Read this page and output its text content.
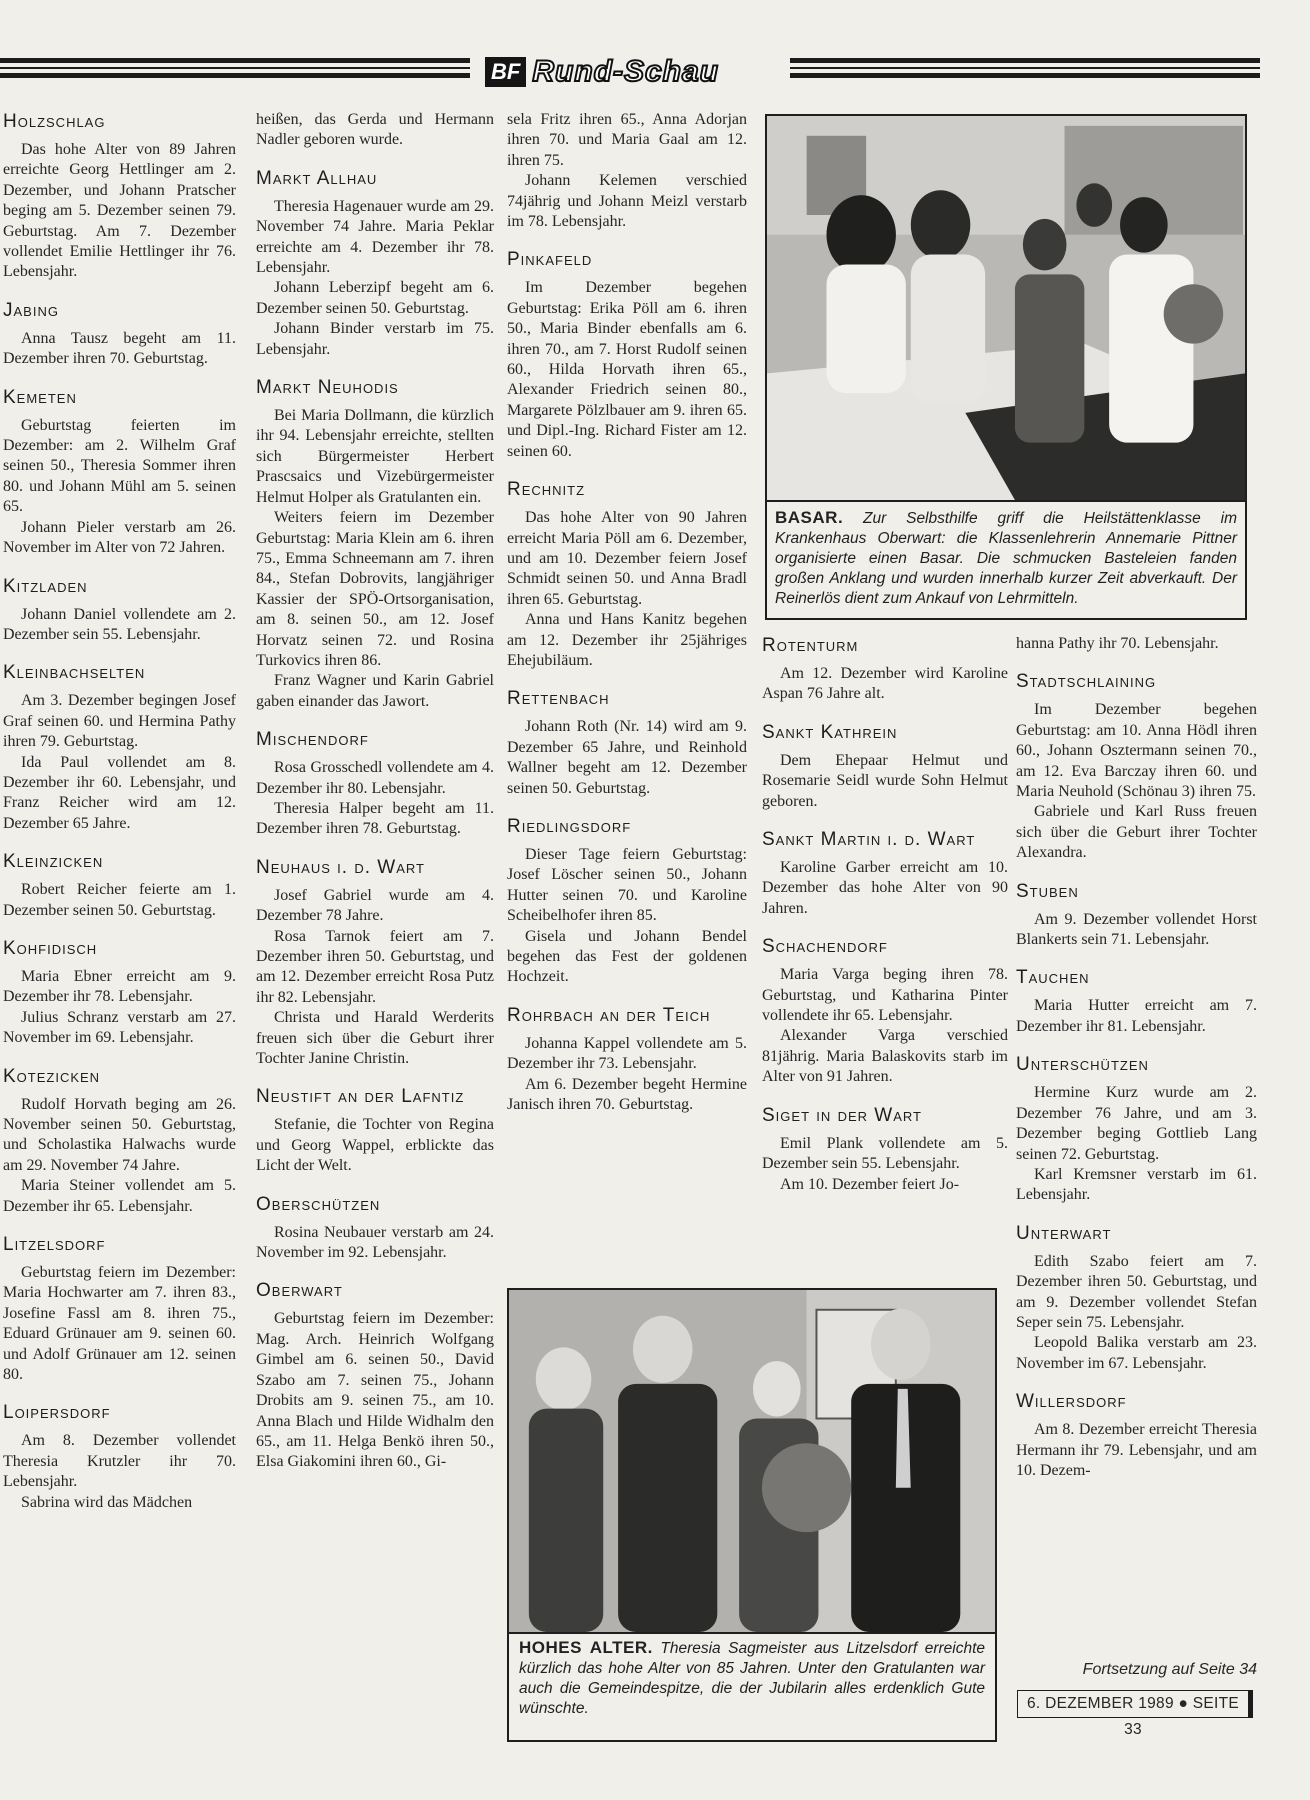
BF Rund-Schau
Holzschlag

Das hohe Alter von 89 Jahren erreichte Georg Hettlinger am 2. Dezember, und Johann Pratscher beging am 5. Dezember seinen 79. Geburtstag. Am 7. Dezember vollendet Emilie Hettlinger ihr 76. Lebensjahr.

Jabing

Anna Tausz begeht am 11. Dezember ihren 70. Geburtstag.

Kemeten

Geburtstag feierten im Dezember: am 2. Wilhelm Graf seinen 50., Theresia Sommer ihren 80. und Johann Mühl am 5. seinen 65.

Johann Pieler verstarb am 26. November im Alter von 72 Jahren.

Kitzladen

Johann Daniel vollendete am 2. Dezember sein 55. Lebensjahr.

Kleinbachselten

Am 3. Dezember begingen Josef Graf seinen 60. und Hermina Pathy ihren 79. Geburtstag.

Ida Paul vollendet am 8. Dezember ihr 60. Lebensjahr, und Franz Reicher wird am 12. Dezember 65 Jahre.

Kleinzicken

Robert Reicher feierte am 1. Dezember seinen 50. Geburtstag.

Kohfidisch

Maria Ebner erreicht am 9. Dezember ihr 78. Lebensjahr.

Julius Schranz verstarb am 27. November im 69. Lebensjahr.

Kotezicken

Rudolf Horvath beging am 26. November seinen 50. Geburtstag, und Scholastika Halwachs wurde am 29. November 74 Jahre.

Maria Steiner vollendet am 5. Dezember ihr 65. Lebensjahr.

Litzelsdorf

Geburtstag feiern im Dezember: Maria Hochwarter am 7. ihren 83., Josefine Fassl am 8. ihren 75., Eduard Grünauer am 9. seinen 60. und Adolf Grünauer am 12. seinen 80.

Loipersdorf

Am 8. Dezember vollendet Theresia Krutzler ihr 70. Lebensjahr.

Sabrina wird das Mädchen

heißen, das Gerda und Hermann Nadler geboren wurde.

Markt Allhau

Theresia Hagenauer wurde am 29. November 74 Jahre. Maria Peklar erreichte am 4. Dezember ihr 78. Lebensjahr.

Johann Leberzipf begeht am 6. Dezember seinen 50. Geburtstag.

Johann Binder verstarb im 75. Lebensjahr.

Markt Neuhodis

Bei Maria Dollmann, die kürzlich ihr 94. Lebensjahr erreichte, stellten sich Bürgermeister Herbert Prascsaics und Vizebürgermeister Helmut Holper als Gratulanten ein.

Weiters feiern im Dezember Geburtstag: Maria Klein am 6. ihren 75., Emma Schneemann am 7. ihren 84., Stefan Dobrovits, langjähriger Kassier der SPÖ-Ortsorganisation, am 8. seinen 50., am 12. Josef Horvatz seinen 72. und Rosina Turkovics ihren 86.

Franz Wagner und Karin Gabriel gaben einander das Jawort.

Mischendorf

Rosa Grosschedl vollendete am 4. Dezember ihr 80. Lebensjahr.

Theresia Halper begeht am 11. Dezember ihren 78. Geburtstag.

Neuhaus i. d. Wart

Josef Gabriel wurde am 4. Dezember 78 Jahre.

Rosa Tarnok feiert am 7. Dezember ihren 50. Geburtstag, und am 12. Dezember erreicht Rosa Putz ihr 82. Lebensjahr.

Christa und Harald Werderits freuen sich über die Geburt ihrer Tochter Janine Christin.

Neustift an der Lafntiz

Stefanie, die Tochter von Regina und Georg Wappel, erblickte das Licht der Welt.

Oberschützen

Rosina Neubauer verstarb am 24. November im 92. Lebensjahr.

Oberwart

Geburtstag feiern im Dezember: Mag. Arch. Heinrich Wolfgang Gimbel am 6. seinen 50., David Szabo am 7. seinen 75., Johann Drobits am 9. seinen 75., am 10. Anna Blach und Hilde Widhalm den 65., am 11. Helga Benkö ihren 50., Elsa Giakomini ihren 60., Gi-

sela Fritz ihren 65., Anna Adorjan ihren 70. und Maria Gaal am 12. ihren 75.

Johann Kelemen verschied 74jährig und Johann Meizl verstarb im 78. Lebensjahr.

Pinkafeld

Im Dezember begehen Geburtstag: Erika Pöll am 6. ihren 50., Maria Binder ebenfalls am 6. ihren 70., am 7. Horst Rudolf seinen 60., Hilda Horvath ihren 65., Alexander Friedrich seinen 80., Margarete Pölzlbauer am 9. ihren 65. und Dipl.-Ing. Richard Fister am 12. seinen 60.

Rechnitz

Das hohe Alter von 90 Jahren erreicht Maria Pöll am 6. Dezember, und am 10. Dezember feiern Josef Schmidt seinen 50. und Anna Bradl ihren 65. Geburtstag.

Anna und Hans Kanitz begehen am 12. Dezember ihr 25jähriges Ehejubiläum.

Rettenbach

Johann Roth (Nr. 14) wird am 9. Dezember 65 Jahre, und Reinhold Wallner begeht am 12. Dezember seinen 50. Geburtstag.

Riedlingsdorf

Dieser Tage feiern Geburtstag: Josef Löscher seinen 50., Johann Hutter seinen 70. und Karoline Scheibelhofer ihren 85.

Gisela und Johann Bendel begehen das Fest der goldenen Hochzeit.

Rohrbach an der Teich

Johanna Kappel vollendete am 5. Dezember ihr 73. Lebensjahr.

Am 6. Dezember begeht Hermine Janisch ihren 70. Geburtstag.

Rotenturm

Am 12. Dezember wird Karoline Aspan 76 Jahre alt.

Sankt Kathrein

Dem Ehepaar Helmut und Rosemarie Seidl wurde Sohn Helmut geboren.

Sankt Martin i. d. Wart

Karoline Garber erreicht am 10. Dezember das hohe Alter von 90 Jahren.

Schachendorf

Maria Varga beging ihren 78. Geburtstag, und Katharina Pinter vollendete ihr 65. Lebensjahr.

Alexander Varga verschied 81jährig. Maria Balaskovits starb im Alter von 91 Jahren.

Siget in der Wart

Emil Plank vollendete am 5. Dezember sein 55. Lebensjahr.

Am 10. Dezember feiert Jo-

hanna Pathy ihr 70. Lebensjahr.

Stadtschlaining

Im Dezember begehen Geburtstag: am 10. Anna Hödl ihren 60., Johann Osztermann seinen 70., am 12. Eva Barczay ihren 60. und Maria Neuhold (Schönau 3) ihren 75.

Gabriele und Karl Russ freuen sich über die Geburt ihrer Tochter Alexandra.

Stuben

Am 9. Dezember vollendet Horst Blankerts sein 71. Lebensjahr.

Tauchen

Maria Hutter erreicht am 7. Dezember ihr 81. Lebensjahr.

Unterschützen

Hermine Kurz wurde am 2. Dezember 76 Jahre, und am 3. Dezember beging Gottlieb Lang seinen 72. Geburtstag.

Karl Kremsner verstarb im 61. Lebensjahr.

Unterwart

Edith Szabo feiert am 7. Dezember ihren 50. Geburtstag, und am 9. Dezember vollendet Stefan Seper sein 75. Lebensjahr.

Leopold Balika verstarb am 23. November im 67. Lebensjahr.

Willersdorf

Am 8. Dezember erreicht Theresia Hermann ihr 79. Lebensjahr, und am 10. Dezem-

BASAR. Zur Selbsthilfe griff die Heilstättenklasse im Krankenhaus Oberwart: die Klassenlehrerin Annemarie Pittner organisierte einen Basar. Die schmucken Basteleien fanden großen Anklang und wurden innerhalb kurzer Zeit abverkauft. Der Reinerlös dient zum Ankauf von Lehrmitteln.
HOHES ALTER. Theresia Sagmeister aus Litzelsdorf erreichte kürzlich das hohe Alter von 85 Jahren. Unter den Gratulanten war auch die Gemeindespitze, die der Jubilarin alles erdenklich Gute wünschte.
Fortsetzung auf Seite 34
6. DEZEMBER 1989 ● SEITE 33
